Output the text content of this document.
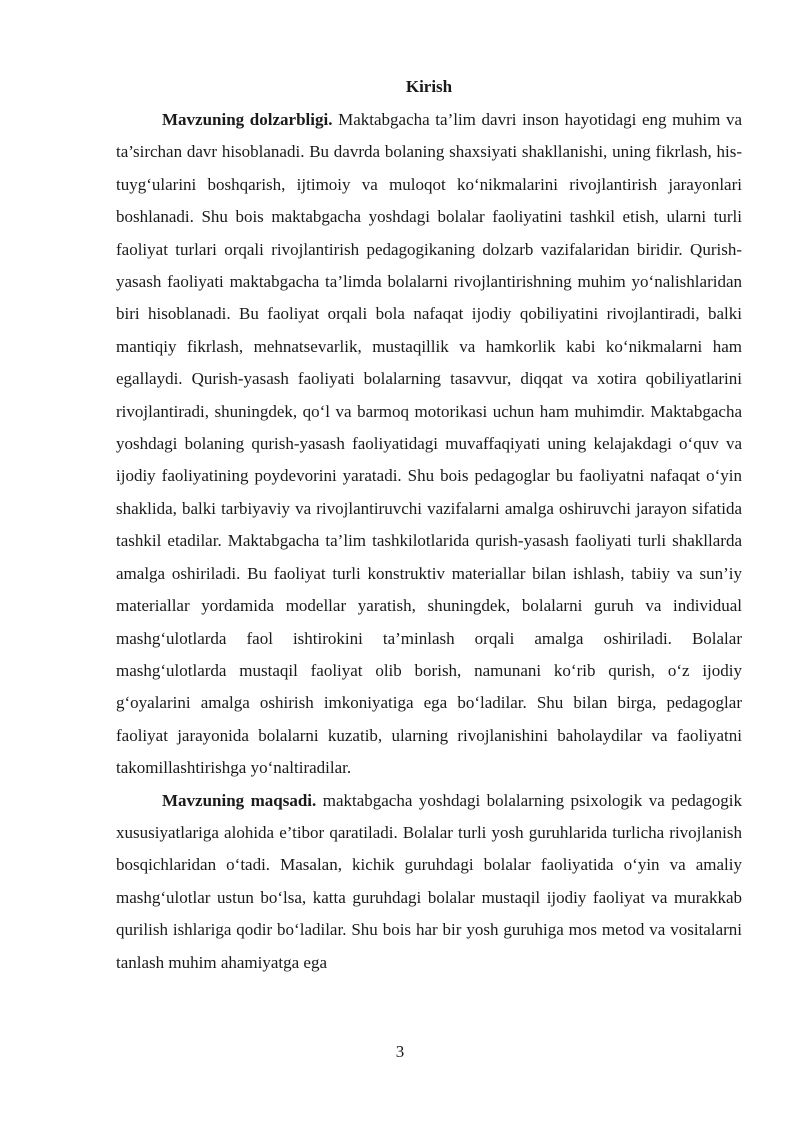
Kirish

Mavzuning dolzarbligi. Maktabgacha ta’lim davri inson hayotidagi eng muhim va ta’sirchan davr hisoblanadi. Bu davrda bolaning shaxsiyati shakllanishi, uning fikrlash, his-tuyg‘ularini boshqarish, ijtimoiy va muloqot ko‘nikmalarini rivojlantirish jarayonlari boshlanadi. Shu bois maktabgacha yoshdagi bolalar faoliyatini tashkil etish, ularni turli faoliyat turlari orqali rivojlantirish pedagogikaning dolzarb vazifalaridan biridir. Qurish-yasash faoliyati maktabgacha ta’limda bolalarni rivojlantirishning muhim yo‘nalishlaridan biri hisoblanadi. Bu faoliyat orqali bola nafaqat ijodiy qobiliyatini rivojlantiradi, balki mantiqiy fikrlash, mehnatsevarlik, mustaqillik va hamkorlik kabi ko‘nikmalarni ham egallaydi. Qurish-yasash faoliyati bolalarning tasavvur, diqqat va xotira qobiliyatlarini rivojlantiradi, shuningdek, qo‘l va barmoq motorikasi uchun ham muhimdir. Maktabgacha yoshdagi bolaning qurish-yasash faoliyatidagi muvaffaqiyati uning kelajakdagi o‘quv va ijodiy faoliyatining poydevorini yaratadi. Shu bois pedagoglar bu faoliyatni nafaqat o‘yin shaklida, balki tarbiyaviy va rivojlantiruvchi vazifalarni amalga oshiruvchi jarayon sifatida tashkil etadilar. Maktabgacha ta’lim tashkilotlarida qurish-yasash faoliyati turli shakllarda amalga oshiriladi. Bu faoliyat turli konstruktiv materiallar bilan ishlash, tabiiy va sun’iy materiallar yordamida modellar yaratish, shuningdek, bolalarni guruh va individual mashg‘ulotlarda faol ishtirokini ta’minlash orqali amalga oshiriladi. Bolalar mashg‘ulotlarda mustaqil faoliyat olib borish, namunani ko‘rib qurish, o‘z ijodiy g‘oyalarini amalga oshirish imkoniyatiga ega bo‘ladilar. Shu bilan birga, pedagoglar faoliyat jarayonida bolalarni kuzatib, ularning rivojlanishini baholaydilar va faoliyatni takomillashtirishga yo‘naltiradilar.

Mavzuning maqsadi. maktabgacha yoshdagi bolalarning psixologik va pedagogik xususiyatlariga alohida e’tibor qaratiladi. Bolalar turli yosh guruhlarida turlicha rivojlanish bosqichlaridan o‘tadi. Masalan, kichik guruhdagi bolalar faoliyatida o‘yin va amaliy mashg‘ulotlar ustun bo‘lsa, katta guruhdagi bolalar mustaqil ijodiy faoliyat va murakkab qurilish ishlariga qodir bo‘ladilar. Shu bois har bir yosh guruhiga mos metod va vositalarni tanlash muhim ahamiyatga ega

3
